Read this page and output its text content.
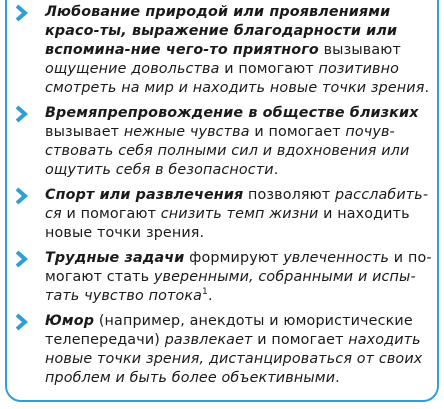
Любование природой или проявлениями красо-ты, выражение благодарности или вспомина-ние чего-то приятного вызывают ощущение довольства и помогают позитивно смотреть на мир и находить новые точки зрения.

Времяпрепровождение в обществе близких вызывает нежные чувства и помогает почув-ствовать себя полными сил и вдохновения или ощутить себя в безопасности.

Спорт или развлечения позволяют расслабить-ся и помогают снизить темп жизни и находить новые точки зрения.

Трудные задачи формируют увлеченность и по-могают стать уверенными, собранными и испы-тать чувство потока$^1$.

Юмор (например, анекдоты и юмористические телепередачи) развлекает и помогает находить новые точки зрения, дистанцироваться от своих проблем и быть более объективными.
